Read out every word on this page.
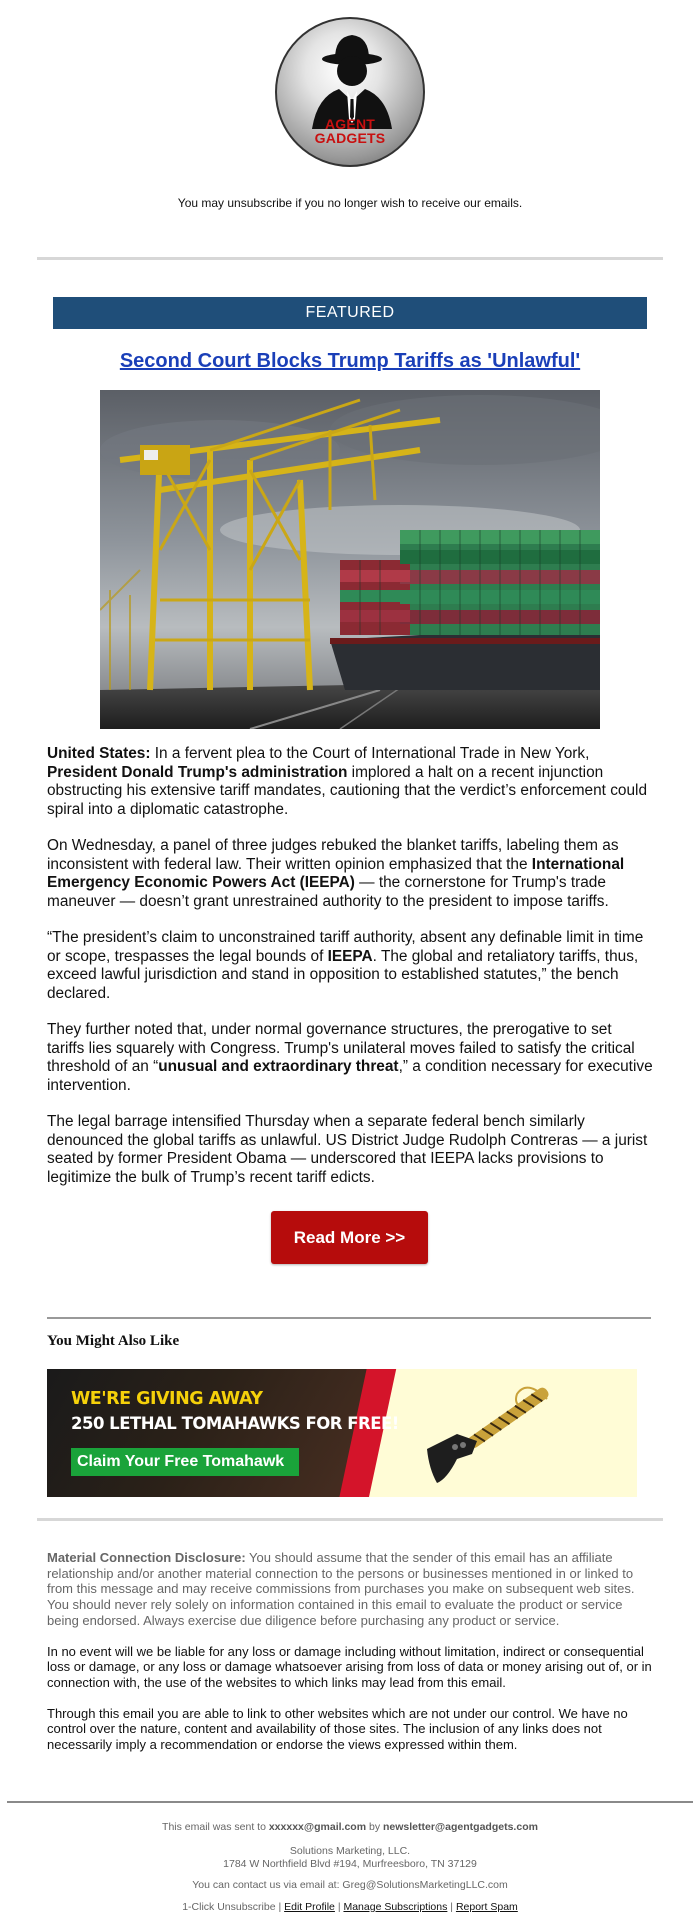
AGENT
GADGETS
You may unsubscribe if you no longer wish to receive our emails.
FEATURED
Second Court Blocks Trump Tariffs as 'Unlawful'

United States: In a fervent plea to the Court of International Trade in New York, President Donald Trump's administration implored a halt on a recent injunction obstructing his extensive tariff mandates, cautioning that the verdict’s enforcement could spiral into a diplomatic catastrophe.

On Wednesday, a panel of three judges rebuked the blanket tariffs, labeling them as inconsistent with federal law. Their written opinion emphasized that the International Emergency Economic Powers Act (IEEPA) — the cornerstone for Trump's trade maneuver — doesn’t grant unrestrained authority to the president to impose tariffs.

“The president’s claim to unconstrained tariff authority, absent any definable limit in time or scope, trespasses the legal bounds of IEEPA. The global and retaliatory tariffs, thus, exceed lawful jurisdiction and stand in opposition to established statutes,” the bench declared.

They further noted that, under normal governance structures, the prerogative to set tariffs lies squarely with Congress. Trump's unilateral moves failed to satisfy the critical threshold of an “unusual and extraordinary threat,” a condition necessary for executive intervention.

The legal barrage intensified Thursday when a separate federal bench similarly denounced the global tariffs as unlawful. US District Judge Rudolph Contreras — a jurist seated by former President Obama — underscored that IEEPA lacks provisions to legitimize the bulk of Trump’s recent tariff edicts.

Read More >>
You Might Also Like
WE'RE GIVING AWAY
250 LETHAL TOMAHAWKS FOR FREE!
Claim Your Free Tomahawk

Material Connection Disclosure: You should assume that the sender of this email has an affiliate relationship and/or another material connection to the persons or businesses mentioned in or linked to from this message and may receive commissions from purchases you make on subsequent web sites. You should never rely solely on information contained in this email to evaluate the product or service being endorsed. Always exercise due diligence before purchasing any product or service.

In no event will we be liable for any loss or damage including without limitation, indirect or consequential loss or damage, or any loss or damage whatsoever arising from loss of data or money arising out of, or in connection with, the use of the websites to which links may lead from this email.

Through this email you are able to link to other websites which are not under our control. We have no control over the nature, content and availability of those sites. The inclusion of any links does not necessarily imply a recommendation or endorse the views expressed within them.

This email was sent to xxxxxx@gmail.com by newsletter@agentgadgets.com
Solutions Marketing, LLC.
1784 W Northfield Blvd #194, Murfreesboro, TN 37129
You can contact us via email at: Greg@SolutionsMarketingLLC.com
1-Click Unsubscribe | Edit Profile | Manage Subscriptions | Report Spam
